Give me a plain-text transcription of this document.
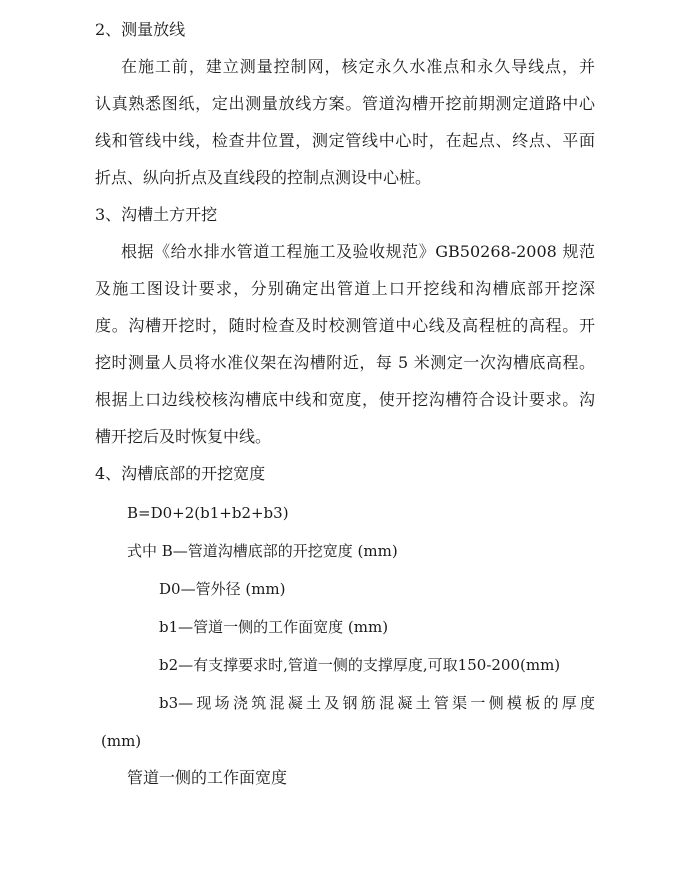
2、测量放线
在施工前，建立测量控制网，核定永久水准点和永久导线点，并
认真熟悉图纸，定出测量放线方案。管道沟槽开挖前期测定道路中心
线和管线中线，检查井位置，测定管线中心时，在起点、终点、平面
折点、纵向折点及直线段的控制点测设中心桩。
3、沟槽土方开挖
根据《给水排水管道工程施工及验收规范》GB50268-2008 规范
及施工图设计要求，分别确定出管道上口开挖线和沟槽底部开挖深
度。沟槽开挖时，随时检查及时校测管道中心线及高程桩的高程。开
挖时测量人员将水准仪架在沟槽附近，每 5 米测定一次沟槽底高程。
根据上口边线校核沟槽底中线和宽度，使开挖沟槽符合设计要求。沟
槽开挖后及时恢复中线。
4、沟槽底部的开挖宽度
B=D0+2(b1+b2+b3)
式中 B—管道沟槽底部的开挖宽度 (mm)
D0—管外径 (mm)
b1—管道一侧的工作面宽度 (mm)
b2—有支撑要求时,管道一侧的支撑厚度,可取150-200(mm)
b3—现场浇筑混凝土及钢筋混凝土管渠一侧模板的厚度
(mm)
管道一侧的工作面宽度
